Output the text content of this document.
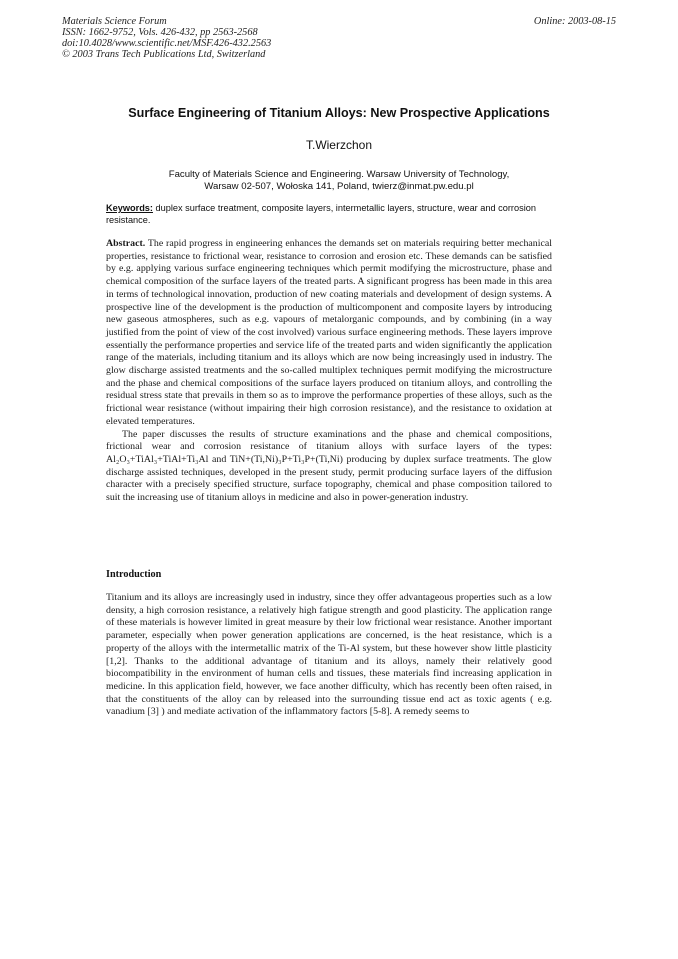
Materials Science Forum
ISSN: 1662-9752, Vols. 426-432, pp 2563-2568
doi:10.4028/www.scientific.net/MSF.426-432.2563
© 2003 Trans Tech Publications Ltd, Switzerland
Online: 2003-08-15
Surface Engineering of Titanium Alloys: New Prospective Applications
T.Wierzchon
Faculty of Materials Science and Engineering. Warsaw University of Technology,
Warsaw 02-507, Wołoska 141, Poland, twierz@inmat.pw.edu.pl
Keywords: duplex surface treatment, composite layers, intermetallic layers, structure, wear and corrosion resistance.

Abstract. The rapid progress in engineering enhances the demands set on materials requiring better mechanical properties, resistance to frictional wear, resistance to corrosion and erosion etc. These demands can be satisfied by e.g. applying various surface engineering techniques which permit modifying the microstructure, phase and chemical composition of the surface layers of the treated parts. A significant progress has been made in this area in terms of technological innovation, production of new coating materials and development of design systems. A prospective line of the development is the production of multicomponent and composite layers by introducing new gaseous atmospheres, such as e.g. vapours of metalorganic compounds, and by combining (in a way justified from the point of view of the cost involved) various surface engineering methods. These layers improve essentially the performance properties and service life of the treated parts and widen significantly the application range of the materials, including titanium and its alloys which are now being increasingly used in industry. The glow discharge assisted treatments and the so-called multiplex techniques permit modifying the microstructure and the phase and chemical compositions of the surface layers produced on titanium alloys, and controlling the residual stress state that prevails in them so as to improve the performance properties of these alloys, such as the frictional wear resistance (without impairing their high corrosion resistance), and the resistance to oxidation at elevated temperatures.

The paper discusses the results of structure examinations and the phase and chemical compositions, frictional wear and corrosion resistance of titanium alloys with surface layers of the types: Al₂O₃+TiAl₃+TiAl+Ti₃Al and TiN+(Ti,Ni)₃P+Ti₃P+(Ti,Ni) producing by duplex surface treatments. The glow discharge assisted techniques, developed in the present study, permit producing surface layers of the diffusion character with a precisely specified structure, surface topography, chemical and phase composition tailored to suit the increasing use of titanium alloys in medicine and also in power-generation industry.

Introduction

Titanium and its alloys are increasingly used in industry, since they offer advantageous properties such as a low density, a high corrosion resistance, a relatively high fatigue strength and good plasticity. The application range of these materials is however limited in great measure by their low frictional wear resistance. Another important parameter, especially when power generation applications are concerned, is the heat resistance, which is a property of the alloys with the intermetallic matrix of the Ti-Al system, but these however show little plasticity [1,2]. Thanks to the additional advantage of titanium and its alloys, namely their relatively good biocompatibility in the environment of human cells and tissues, these materials find increasing application in medicine. In this application field, however, we face another difficulty, which has recently been often raised, in that the constituents of the alloy can by released into the surrounding tissue end act as toxic agents ( e.g. vanadium [3] ) and mediate activation of the inflammatory factors [5-8]. A remedy seems to
